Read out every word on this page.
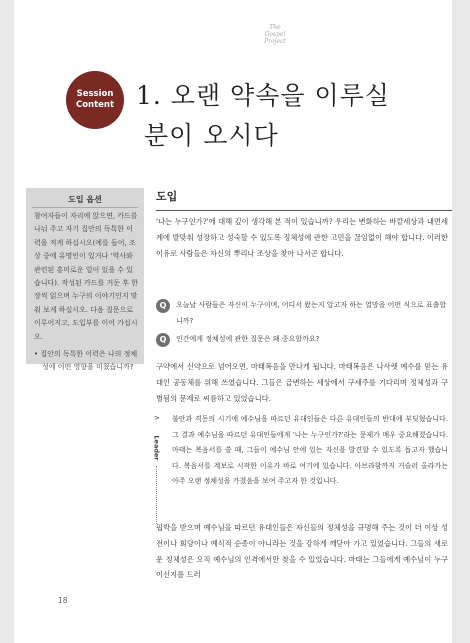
The Gospel Project
Session
Content 1. 오랜 약속을 이루실
분이 오시다
도입 옵션

참여자들이 자리에 앉으면, 카드를 나눠 주고 자기 집안의 독특한 이력을 적게 하십시오(예를 들어, 조상 중에 유명인이 있거나 '역사와 관련된 흥미로운 일이 있을 수 있습니다). 작성된 카드를 거둔 후 한 장씩 읽으며 누구의 이야기인지 맞춰 보게 하십시오. 다음 질문으로 이루어지고, 도입부를 이어 가십시오.

• 집안의 독특한 이력은 나의 정체성에 어떤 영향을 미쳤습니까?

도입

'나는 누구인가?'에 대해 깊이 생각해 본 적이 있습니까? 우리는 변화하는 바깥세상과 내면세계에 발맞춰 성장하고 성숙할 수 있도록 정체성에 관한 고민을 끊임없이 해야 합니다. 이러한 이유로 사람들은 자신의 뿌리나 조상을 찾아 나서곤 합니다.

Q	오늘날 사람들은 자신이 누구이며, 어디서 왔는지 알고자 하는 열망을 어떤 식으로 표출합니까?
Q	인간에게 정체성에 관한 질문은 왜 중요할까요?

구약에서 신약으로 넘어오면, 마태복음을 만나게 됩니다. 마태복음은 나사렛 예수를 믿는 유대인 공동체를 위해 쓰였습니다. 그들은 급변하는 세상에서 구세주를 기다리며 정체성과 구별됨의 문제로 씨름하고 있었습니다.

>
Leader

불안과 격동의 시기에 예수님을 따르던 유대인들은 다른 유대인들의 반대에 부딪혔습니다. 그 결과 예수님을 따르던 유대인들에게 '나는 누구인가?'라는 문제가 매우 중요해졌습니다. 마태는 복음서를 쓸 때, 그들이 예수님 안에 있는 자신을 발견할 수 있도록 돕고자 했습니다. 복음서를 계보로 시작한 이유가 바로 여기에 있습니다. 아브라함까지 거슬러 올라가는 아주 오랜 정체성을 가졌음을 보여 주고자 한 것입니다.

핍박을 받으며 예수님을 따르던 유대인들은 자신들의 정체성을 규명해 주는 것이 더 이상 성전이나 회당이나 예식적 순종이 아니라는 것을 강하게 깨닫아 가고 있었습니다. 그들의 새로운 정체성은 오직 예수님의 인격에서만 찾을 수 있었습니다. 마태는 그들에게 예수님이 누구이신지를 드러

18
